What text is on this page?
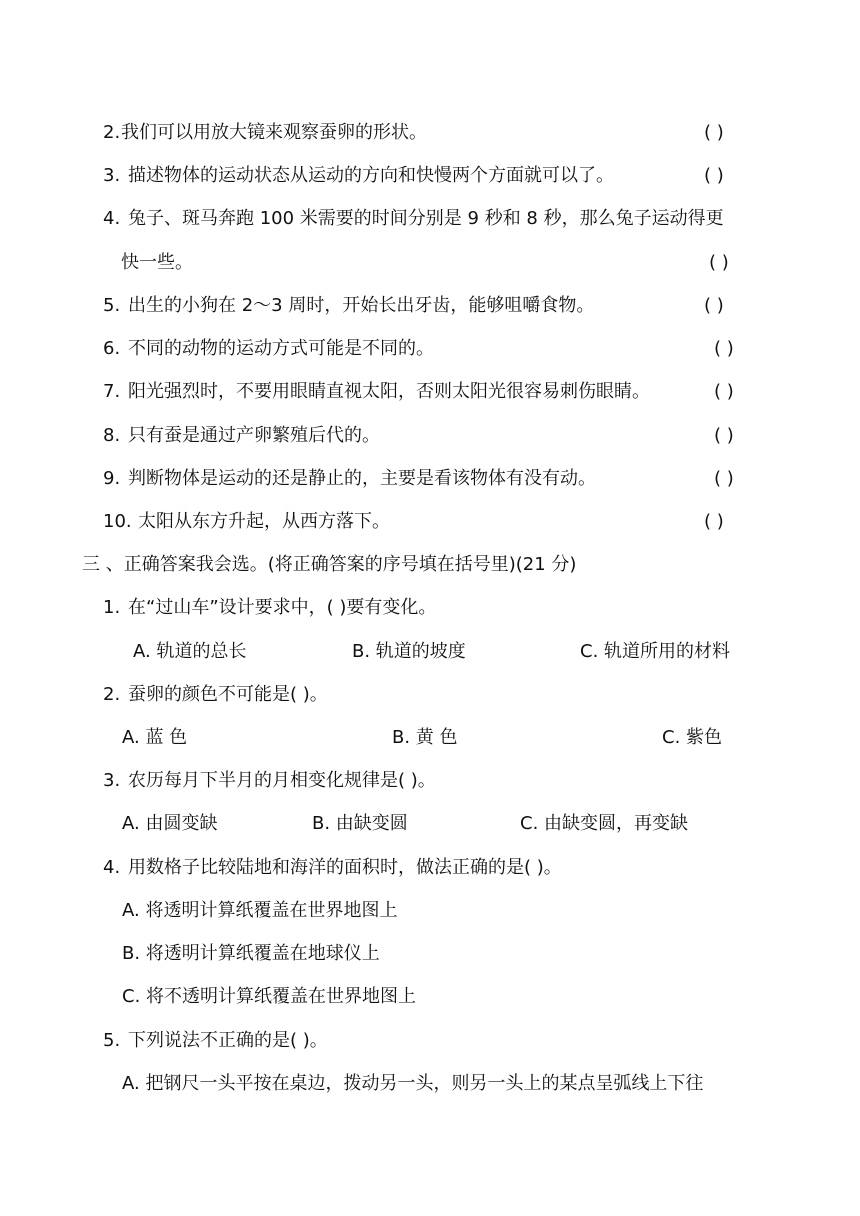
2. 我们可以用放大镜来观察蚕卵的形状。	( )
3. 描述物体的运动状态从运动的方向和快慢两个方面就可以了。	( )
4. 兔子、斑马奔跑 100 米需要的时间分别是 9 秒和 8 秒，那么兔子运动得更
快一些。	( )
5. 出生的小狗在 2～3 周时，开始长出牙齿，能够咀嚼食物。	( )
6. 不同的动物的运动方式可能是不同的。	( )
7. 阳光强烈时，不要用眼睛直视太阳，否则太阳光很容易刺伤眼睛。	( )
8. 只有蚕是通过产卵繁殖后代的。	( )
9. 判断物体是运动的还是静止的，主要是看该物体有没有动。	( )
10. 太阳从东方升起，从西方落下。	( )
三 、正确答案我会选。(将正确答案的序号填在括号里)(21 分)
1. 在“过山车”设计要求中，( )要有变化。
A. 轨道的总长	B. 轨道的坡度	C. 轨道所用的材料
2. 蚕卵的颜色不可能是( )。
A. 蓝 色	B. 黄 色	C. 紫色
3. 农历每月下半月的月相变化规律是( )。
A. 由圆变缺	B. 由缺变圆	C. 由缺变圆，再变缺
4. 用数格子比较陆地和海洋的面积时，做法正确的是( )。
A. 将透明计算纸覆盖在世界地图上
B. 将透明计算纸覆盖在地球仪上
C. 将不透明计算纸覆盖在世界地图上
5. 下列说法不正确的是( )。
A. 把钢尺一头平按在桌边，拨动另一头，则另一头上的某点呈弧线上下往
